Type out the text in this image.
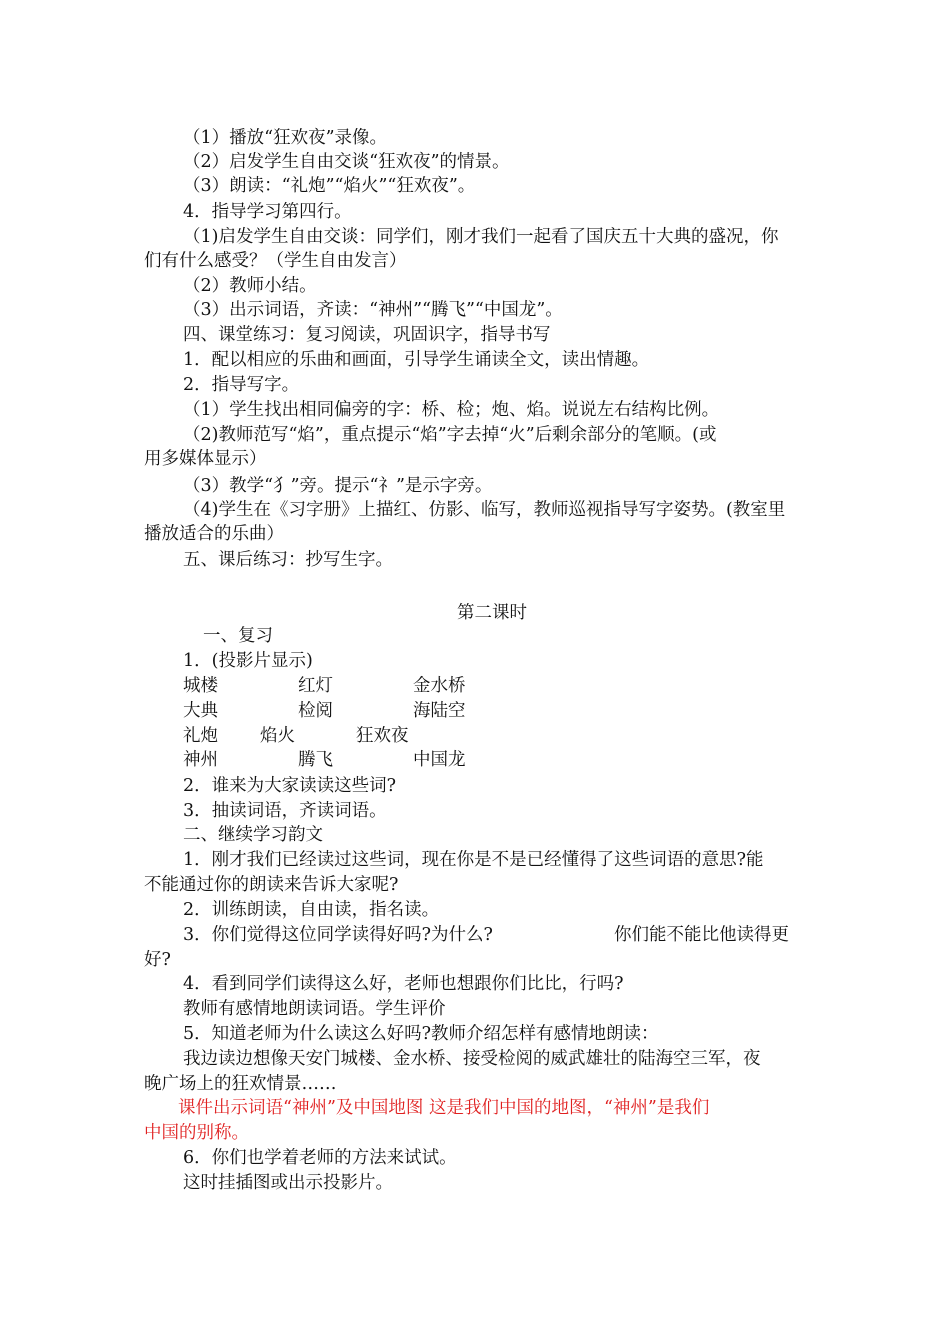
（1）播放“狂欢夜”录像。
（2）启发学生自由交谈“狂欢夜”的情景。
（3）朗读：“礼炮”“焰火”“狂欢夜”。
4．指导学习第四行。
（1)启发学生自由交谈：同学们，刚才我们一起看了国庆五十大典的盛况，你
们有什么感受？（学生自由发言）
（2）教师小结。
（3）出示词语，齐读：“神州”“腾飞”“中国龙”。
四、课堂练习：复习阅读，巩固识字，指导书写
1．配以相应的乐曲和画面，引导学生诵读全文，读出情趣。
2．指导写字。
（1）学生找出相同偏旁的字：桥、检；炮、焰。说说左右结构比例。
（2)教师范写“焰”，重点提示“焰”字去掉“火”后剩余部分的笔顺。(或
用多媒体显示）
（3）教学“犭”旁。提示“礻”是示字旁。
（4)学生在《习字册》上描红、仿影、临写，教师巡视指导写字姿势。(教室里
播放适合的乐曲）
五、课后练习：抄写生字。
第二课时
一、复习
1．(投影片显示)
城楼	红灯	金水桥
大典	检阅	海陆空
礼炮 焰火	狂欢夜
神州	腾飞	中国龙
2．谁来为大家读读这些词?
3．抽读词语，齐读词语。
二、继续学习韵文
1．刚才我们已经读过这些词，现在你是不是已经懂得了这些词语的意思?能
不能通过你的朗读来告诉大家呢?
2．训练朗读，自由读，指名读。
3．你们觉得这位同学读得好吗?为什么?	你们能不能比他读得更
好?
4．看到同学们读得这么好，老师也想跟你们比比，行吗?
教师有感情地朗读词语。学生评价
5．知道老师为什么读这么好吗?教师介绍怎样有感情地朗读：
我边读边想像天安门城楼、金水桥、接受检阅的威武雄壮的陆海空三军，夜
晚广场上的狂欢情景……
课件出示词语“神州”及中国地图 这是我们中国的地图，“神州”是我们
中国的别称。
6．你们也学着老师的方法来试试。
这时挂插图或出示投影片。
